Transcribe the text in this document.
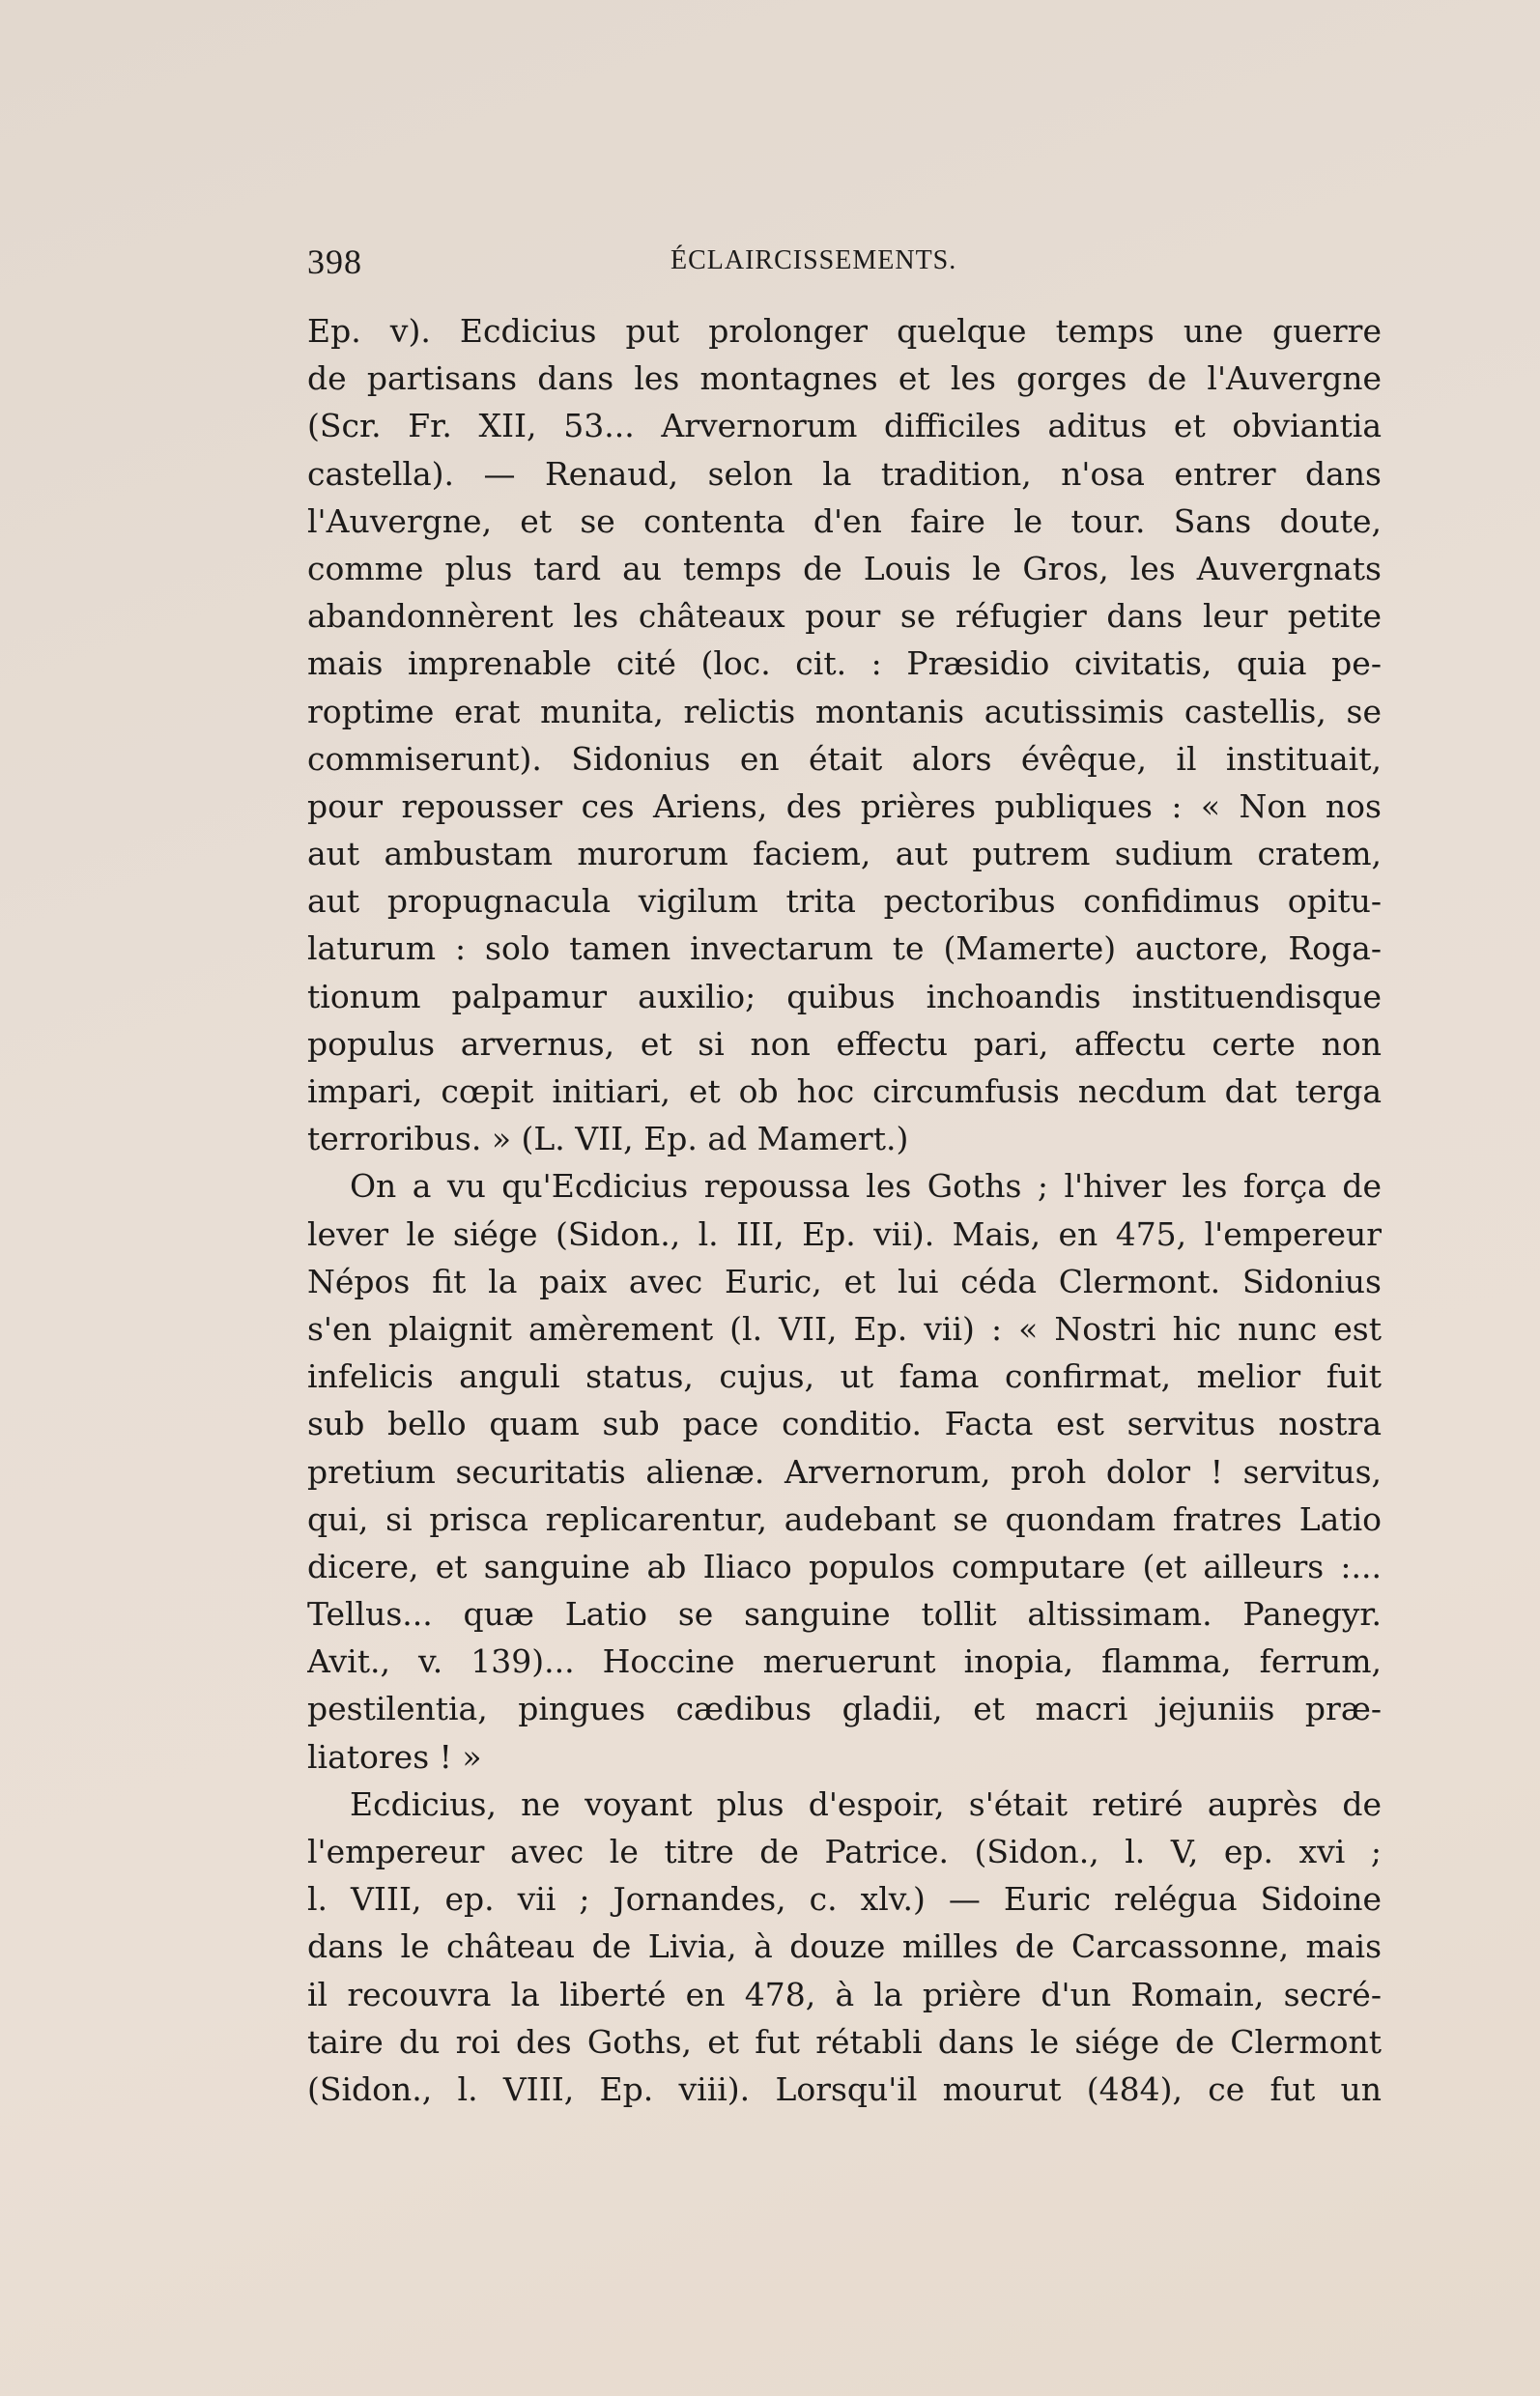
398	ÉCLAIRCISSEMENTS.
Ep. v). Ecdicius put prolonger quelque temps une guerre
de partisans dans les montagnes et les gorges de l'Auvergne
(Scr. Fr. XII, 53... Arvernorum difficiles aditus et obviantia
castella). — Renaud, selon la tradition, n'osa entrer dans
l'Auvergne, et se contenta d'en faire le tour. Sans doute,
comme plus tard au temps de Louis le Gros, les Auvergnats
abandonnèrent les châteaux pour se réfugier dans leur petite
mais imprenable cité (loc. cit. : Præsidio civitatis, quia pe-
roptime erat munita, relictis montanis acutissimis castellis, se
commiserunt). Sidonius en était alors évêque, il instituait,
pour repousser ces Ariens, des prières publiques : « Non nos
aut ambustam murorum faciem, aut putrem sudium cratem,
aut propugnacula vigilum trita pectoribus confidimus opitu-
laturum : solo tamen invectarum te (Mamerte) auctore, Roga-
tionum palpamur auxilio; quibus inchoandis instituendisque
populus arvernus, et si non effectu pari, affectu certe non
impari, cœpit initiari, et ob hoc circumfusis necdum dat terga
terroribus. » (L. VII, Ep. ad Mamert.)
On a vu qu'Ecdicius repoussa les Goths ; l'hiver les força de
lever le siége (Sidon., l. III, Ep. vii). Mais, en 475, l'empereur
Népos fit la paix avec Euric, et lui céda Clermont. Sidonius
s'en plaignit amèrement (l. VII, Ep. vii) : « Nostri hic nunc est
infelicis anguli status, cujus, ut fama confirmat, melior fuit
sub bello quam sub pace conditio. Facta est servitus nostra
pretium securitatis alienæ. Arvernorum, proh dolor ! servitus,
qui, si prisca replicarentur, audebant se quondam fratres Latio
dicere, et sanguine ab Iliaco populos computare (et ailleurs :...
Tellus... quæ Latio se sanguine tollit altissimam. Panegyr.
Avit., v. 139)... Hoccine meruerunt inopia, flamma, ferrum,
pestilentia, pingues cædibus gladii, et macri jejuniis præ-
liatores ! »
Ecdicius, ne voyant plus d'espoir, s'était retiré auprès de
l'empereur avec le titre de Patrice. (Sidon., l. V, ep. xvi ;
l. VIII, ep. vii ; Jornandes, c. xlv.) — Euric relégua Sidoine
dans le château de Livia, à douze milles de Carcassonne, mais
il recouvra la liberté en 478, à la prière d'un Romain, secré-
taire du roi des Goths, et fut rétabli dans le siége de Clermont
(Sidon., l. VIII, Ep. viii). Lorsqu'il mourut (484), ce fut un
